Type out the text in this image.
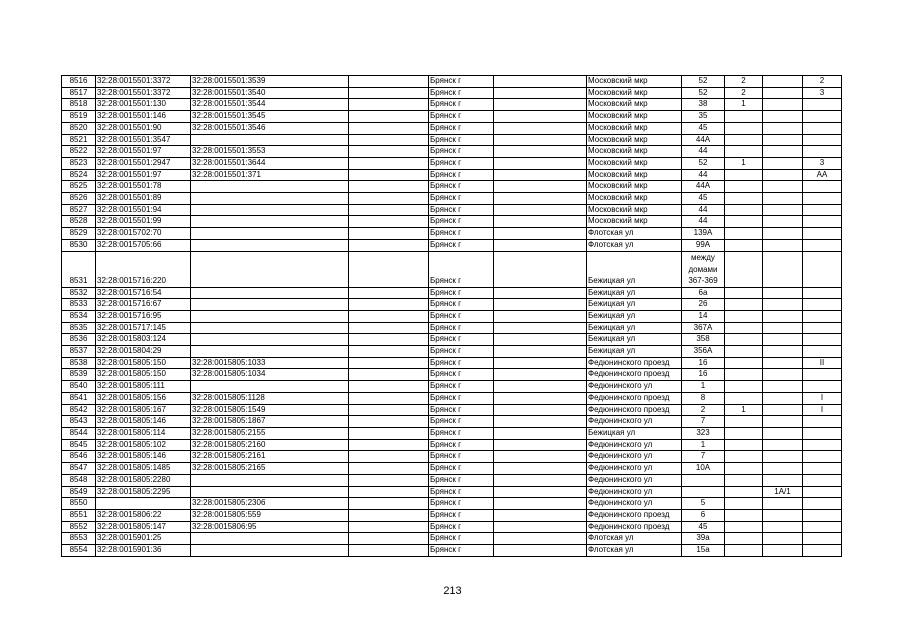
8516	32:28:0015501:3372	32:28:0015501:3539		Брянск г		Московский мкр	52	2		2
8517	32:28:0015501:3372	32:28:0015501:3540		Брянск г		Московский мкр	52	2		3
8518	32:28:0015501:130	32:28:0015501:3544		Брянск г		Московский мкр	38	1		
8519	32:28:0015501:146	32:28:0015501:3545		Брянск г		Московский мкр	35			
8520	32:28:0015501:90	32:28:0015501:3546		Брянск г		Московский мкр	45			
8521	32:28:0015501:3547			Брянск г		Московский мкр	44А			
8522	32:28:0015501:97	32:28:0015501:3553		Брянск г		Московский мкр	44			
8523	32:28:0015501:2947	32:28:0015501:3644		Брянск г		Московский мкр	52	1		3
8524	32:28:0015501:97	32:28:0015501:371		Брянск г		Московский мкр	44			АА
8525	32:28:0015501:78			Брянск г		Московский мкр	44А			
8526	32:28:0015501:89			Брянск г		Московский мкр	45			
8527	32:28:0015501:94			Брянск г		Московский мкр	44			
8528	32:28:0015501:99			Брянск г		Московский мкр	44			
8529	32:28:0015702:70			Брянск г		Флотская ул	139А			
8530	32:28:0015705:66			Брянск г		Флотская ул	99А			
8531	32:28:0015716:220			Брянск г		Бежицкая ул	между домами 367-369			
8532	32:28:0015716:54			Брянск г		Бежицкая ул	6а			
8533	32:28:0015716:67			Брянск г		Бежицкая ул	26			
8534	32:28:0015716:95			Брянск г		Бежицкая ул	14			
8535	32:28:0015717:145			Брянск г		Бежицкая ул	367А			
8536	32:28:0015803:124			Брянск г		Бежицкая ул	358			
8537	32:28:0015804:29			Брянск г		Бежицкая ул	356А			
8538	32:28:0015805:150	32:28:0015805:1033		Брянск г		Федюнинского проезд	16			II
8539	32:28:0015805:150	32:28:0015805:1034		Брянск г		Федюнинского проезд	16			
8540	32:28:0015805:111			Брянск г		Федюнинского ул	1			
8541	32:28:0015805:156	32:28:0015805:1128		Брянск г		Федюнинского проезд	8			I
8542	32:28:0015805:167	32:28:0015805:1549		Брянск г		Федюнинского проезд	2	1		I
8543	32:28:0015805:146	32:28:0015805:1867		Брянск г		Федюнинского ул	7			
8544	32:28:0015805:114	32:28:0015805:2155		Брянск г		Бежицкая ул	323			
8545	32:28:0015805:102	32:28:0015805:2160		Брянск г		Федюнинского ул	1			
8546	32:28:0015805:146	32:28:0015805:2161		Брянск г		Федюнинского ул	7			
8547	32:28:0015805:1485	32:28:0015805:2165		Брянск г		Федюнинского ул	10А			
8548	32:28:0015805:2280			Брянск г		Федюнинского ул				
8549	32:28:0015805:2295			Брянск г		Федюнинского ул			1А/1	
8550		32:28:0015805:2306		Брянск г		Федюнинского ул	5			
8551	32:28:0015806:22	32:28:0015805:559		Брянск г		Федюнинского проезд	6			
8552	32:28:0015805:147	32:28:0015806:95		Брянск г		Федюнинского проезд	45			
8553	32:28:0015901:25			Брянск г		Флотская ул	39а			
8554	32:28:0015901:36			Брянск г		Флотская ул	15а			
213
